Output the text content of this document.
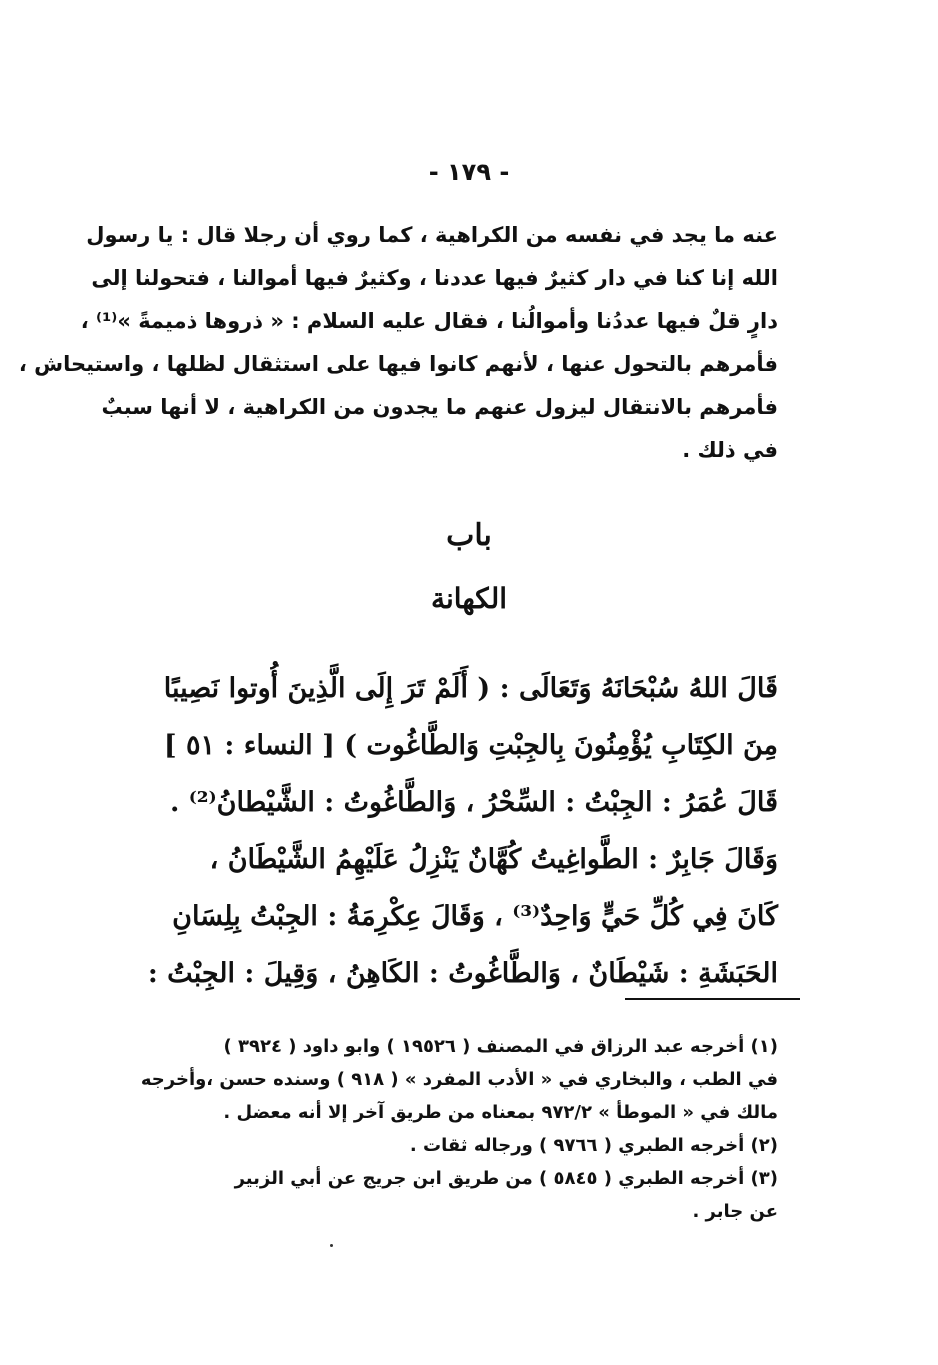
- ١٧٩ -
عنه ما يجد في نفسه من الكراهية ، كما روي أن رجلا قال : يا رسول
الله إنا كنا في دار كثيرٌ فيها عددنا ، وكثيرٌ فيها أموالنا ، فتحولنا إلى
دارٍ قلٌ فيها عددُنا وأموالُنا ، فقال عليه السلام : « ذروها ذميمةً »⁽¹⁾ ،
فأمرهم بالتحول عنها ، لأنهم كانوا فيها على استثقال لظلها ، واستيحاش ،
فأمرهم بالانتقال ليزول عنهم ما يجدون من الكراهية ، لا أنها سببٌ
في ذلك .
باب
الكهانة
قَالَ اللهُ سُبْحَانَهُ وَتَعَالَى : ( أَلَمْ تَرَ إِلَى الَّذِينَ أُوتوا نَصِيبًا
مِنَ الكِتَابِ يُؤْمِنُونَ بِالجِبْتِ وَالطَّاغُوت ) [ النساء : ٥١ ]
قَالَ عُمَرُ : الجِبْتُ : السِّحْرُ ، وَالطَّاغُوتُ : الشَّيْطانُ⁽²⁾ .
وَقَالَ جَابِرٌ : الطَّواغِيتُ كُهَّانٌ يَنْزِلُ عَلَيْهِمُ الشَّيْطَانُ ،
كَانَ فِي كُلِّ حَيٍّ وَاحِدٌ⁽³⁾ ، وَقَالَ عِكْرِمَةُ : الجِبْتُ بِلِسَانِ
الحَبَشَةِ : شَيْطَانٌ ، وَالطَّاغُوتُ : الكَاهِنُ ، وَقِيلَ : الجِبْتُ :
(١) أخرجه عبد الرزاق في المصنف ( ١٩٥٢٦ ) وابو داود ( ٣٩٢٤ )
في الطب ، والبخاري في « الأدب المفرد » ( ٩١٨ ) وسنده حسن ،وأخرجه
مالك في « الموطأ » ٩٧٢/٢ بمعناه من طريق آخر إلا أنه معضل .
(٢) أخرجه الطبري ( ٩٧٦٦ ) ورجاله ثقات .
(٣) أخرجه الطبري ( ٥٨٤٥ ) من طريق ابن جريج عن أبي الزبير
عن جابر .
